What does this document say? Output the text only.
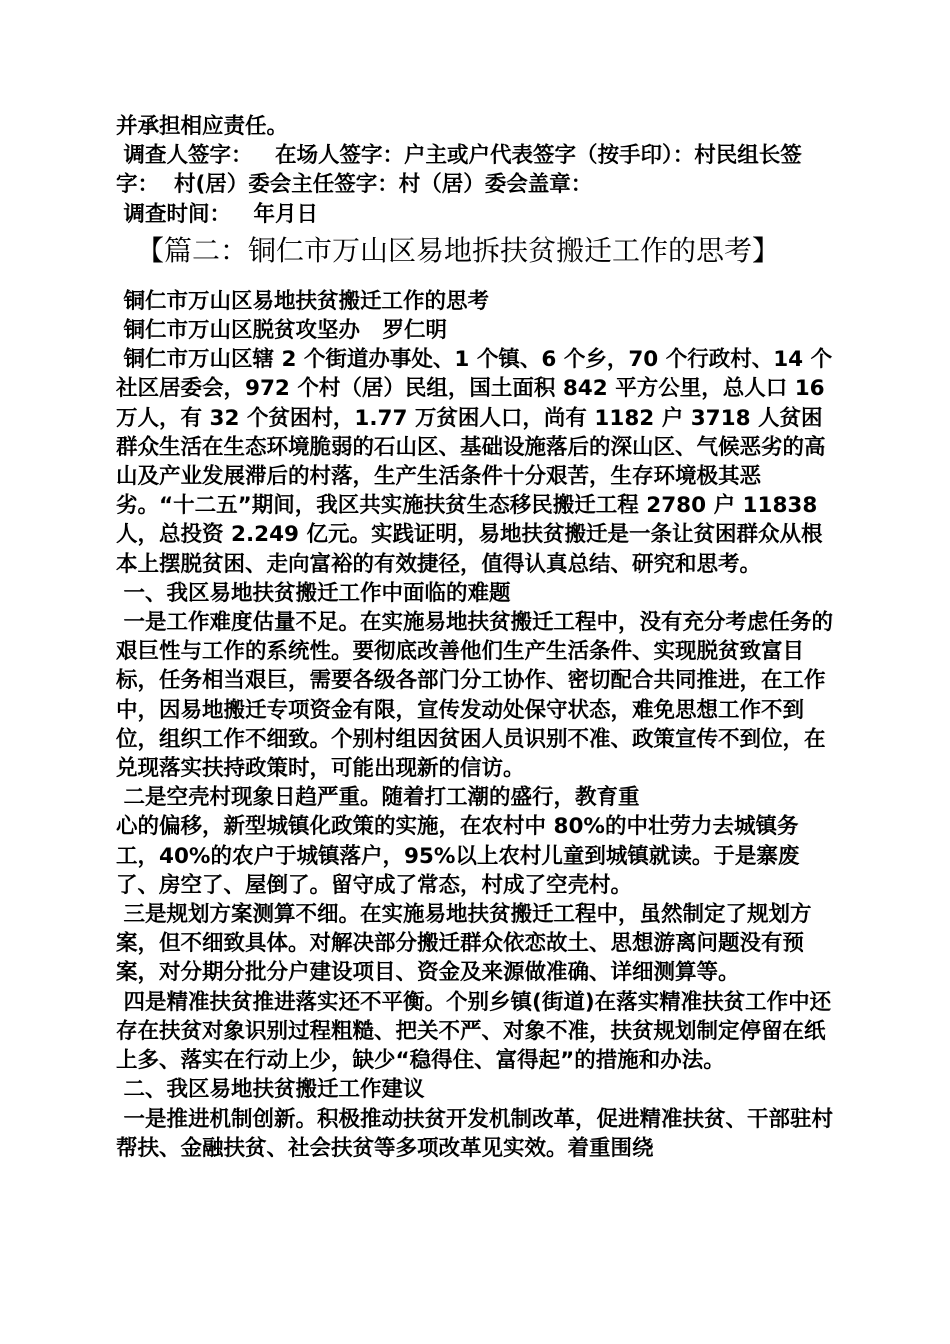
并承担相应责任。
调查人签字：   在场人签字：户主或户代表签字（按手印）：村民组长签字：  村(居）委会主任签字：村（居）委会盖章：
调查时间：   年月日
【篇二：铜仁市万山区易地拆扶贫搬迁工作的思考】
铜仁市万山区易地扶贫搬迁工作的思考
铜仁市万山区脱贫攻坚办   罗仁明
铜仁市万山区辖 2 个街道办事处、1 个镇、6 个乡，70 个行政村、14 个社区居委会，972 个村（居）民组，国土面积 842 平方公里，总人口 16 万人，有 32 个贫困村，1.77 万贫困人口，尚有 1182 户 3718 人贫困群众生活在生态环境脆弱的石山区、基础设施落后的深山区、气候恶劣的高山及产业发展滞后的村落，生产生活条件十分艰苦，生存环境极其恶劣。“十二五”期间，我区共实施扶贫生态移民搬迁工程 2780 户 11838 人，总投资 2.249 亿元。实践证明，易地扶贫搬迁是一条让贫困群众从根本上摆脱贫困、走向富裕的有效捷径，值得认真总结、研究和思考。
一、我区易地扶贫搬迁工作中面临的难题
一是工作难度估量不足。在实施易地扶贫搬迁工程中，没有充分考虑任务的艰巨性与工作的系统性。要彻底改善他们生产生活条件、实现脱贫致富目标，任务相当艰巨，需要各级各部门分工协作、密切配合共同推进，在工作中，因易地搬迁专项资金有限，宣传发动处保守状态，难免思想工作不到位，组织工作不细致。个别村组因贫困人员识别不准、政策宣传不到位，在兑现落实扶持政策时，可能出现新的信访。
二是空壳村现象日趋严重。随着打工潮的盛行，教育重
心的偏移，新型城镇化政策的实施，在农村中 80%的中壮劳力去城镇务工，40%的农户于城镇落户，95%以上农村儿童到城镇就读。于是寨废了、房空了、屋倒了。留守成了常态，村成了空壳村。
三是规划方案测算不细。在实施易地扶贫搬迁工程中，虽然制定了规划方案，但不细致具体。对解决部分搬迁群众依恋故土、思想游离问题没有预案，对分期分批分户建设项目、资金及来源做准确、详细测算等。
四是精准扶贫推进落实还不平衡。个别乡镇(街道)在落实精准扶贫工作中还存在扶贫对象识别过程粗糙、把关不严、对象不准，扶贫规划制定停留在纸上多、落实在行动上少，缺少“稳得住、富得起”的措施和办法。
二、我区易地扶贫搬迁工作建议
一是推进机制创新。积极推动扶贫开发机制改革，促进精准扶贫、干部驻村帮扶、金融扶贫、社会扶贫等多项改革见实效。着重围绕
